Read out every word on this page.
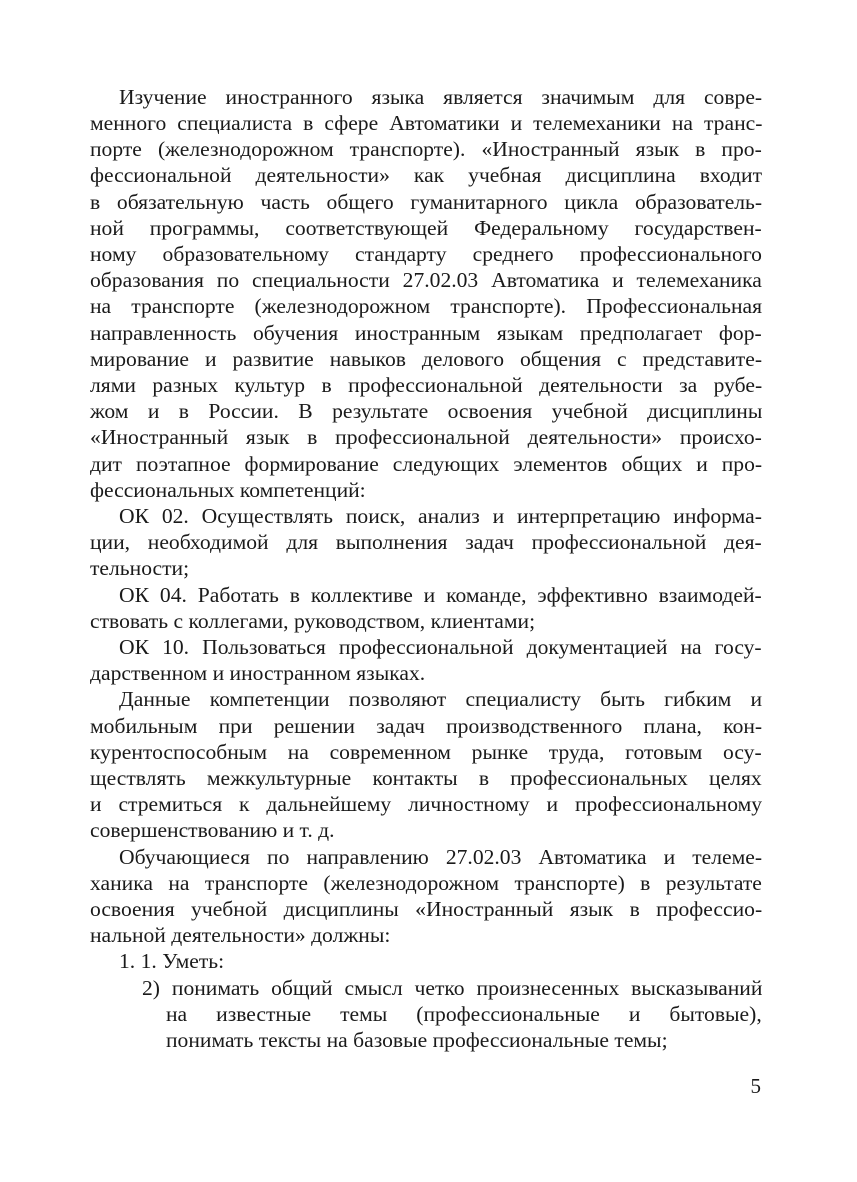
Изучение иностранного языка является значимым для совре-
менного специалиста в сфере Автоматики и телемеханики на транс-
порте (железнодорожном транспорте). «Иностранный язык в про-
фессиональной деятельности» как учебная дисциплина входит
в обязательную часть общего гуманитарного цикла образователь-
ной программы, соответствующей Федеральному государствен-
ному образовательному стандарту среднего профессионального
образования по специальности 27.02.03 Автоматика и телемеханика
на транспорте (железнодорожном транспорте). Профессиональная
направленность обучения иностранным языкам предполагает фор-
мирование и развитие навыков делового общения с представите-
лями разных культур в профессиональной деятельности за рубе-
жом и в России. В результате освоения учебной дисциплины
«Иностранный язык в профессиональной деятельности» происхо-
дит поэтапное формирование следующих элементов общих и про-
фессиональных компетенций:
ОК 02. Осуществлять поиск, анализ и интерпретацию информа-
ции, необходимой для выполнения задач профессиональной дея-
тельности;
ОК 04. Работать в коллективе и команде, эффективно взаимодей-
ствовать с коллегами, руководством, клиентами;
ОК 10. Пользоваться профессиональной документацией на госу-
дарственном и иностранном языках.
Данные компетенции позволяют специалисту быть гибким и
мобильным при решении задач производственного плана, кон-
курентоспособным на современном рынке труда, готовым осу-
ществлять межкультурные контакты в профессиональных целях
и стремиться к дальнейшему личностному и профессиональному
совершенствованию и т. д.
Обучающиеся по направлению 27.02.03 Автоматика и телеме-
ханика на транспорте (железнодорожном транспорте) в результате
освоения учебной дисциплины «Иностранный язык в профессио-
нальной деятельности» должны:
1. 1. Уметь:
2) понимать общий смысл четко произнесенных высказываний
на известные темы (профессиональные и бытовые),
понимать тексты на базовые профессиональные темы;
5
